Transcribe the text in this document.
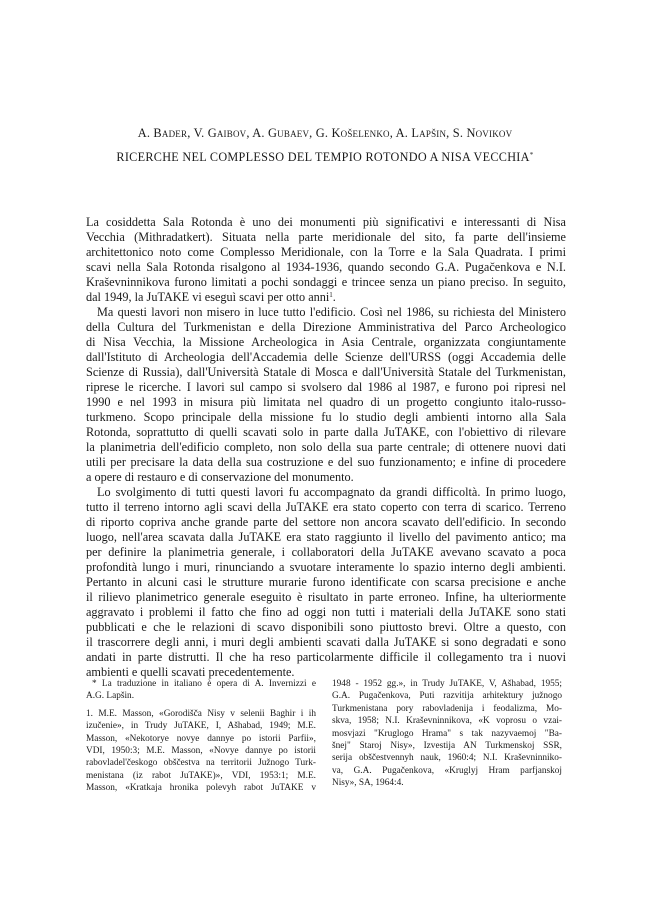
A. Bader, V. Gaibov, A. Gubaev, G. Košelenko, A. Lapšin, S. Novikov
RICERCHE NEL COMPLESSO DEL TEMPIO ROTONDO A NISA VECCHIA*
La cosiddetta Sala Rotonda è uno dei monumenti più significativi e interessanti di Nisa
Vecchia (Mithradatkert). Situata nella parte meridionale del sito, fa parte dell'insieme
architettonico noto come Complesso Meridionale, con la Torre e la Sala Quadrata. I primi
scavi nella Sala Rotonda risalgono al 1934-1936, quando secondo G.A. Pugačenkova e N.I.
Kraševninnikova furono limitati a pochi sondaggi e trincee senza un piano preciso. In seguito,
dal 1949, la JuTAKE vi eseguì scavi per otto anni$^1$.
Ma questi lavori non misero in luce tutto l'edificio. Così nel 1986, su richiesta del Ministero
della Cultura del Turkmenistan e della Direzione Amministrativa del Parco Archeologico
di Nisa Vecchia, la Missione Archeologica in Asia Centrale, organizzata congiuntamente
dall'Istituto di Archeologia dell'Accademia delle Scienze dell'URSS (oggi Accademia delle
Scienze di Russia), dall'Università Statale di Mosca e dall'Università Statale del Turkmenistan,
riprese le ricerche. I lavori sul campo si svolsero dal 1986 al 1987, e furono poi ripresi nel
1990 e nel 1993 in misura più limitata nel quadro di un progetto congiunto italo-russo-
turkmeno. Scopo principale della missione fu lo studio degli ambienti intorno alla Sala
Rotonda, soprattutto di quelli scavati solo in parte dalla JuTAKE, con l'obiettivo di rilevare
la planimetria dell'edificio completo, non solo della sua parte centrale; di ottenere nuovi dati
utili per precisare la data della sua costruzione e del suo funzionamento; e infine di procedere
a opere di restauro e di conservazione del monumento.
Lo svolgimento di tutti questi lavori fu accompagnato da grandi difficoltà. In primo luogo,
tutto il terreno intorno agli scavi della JuTAKE era stato coperto con terra di scarico. Terreno
di riporto copriva anche grande parte del settore non ancora scavato dell'edificio. In secondo
luogo, nell'area scavata dalla JuTAKE era stato raggiunto il livello del pavimento antico; ma
per definire la planimetria generale, i collaboratori della JuTAKE avevano scavato a poca
profondità lungo i muri, rinunciando a svuotare interamente lo spazio interno degli ambienti.
Pertanto in alcuni casi le strutture murarie furono identificate con scarsa precisione e anche
il rilievo planimetrico generale eseguito è risultato in parte erroneo. Infine, ha ulteriormente
aggravato i problemi il fatto che fino ad oggi non tutti i materiali della JuTAKE sono stati
pubblicati e che le relazioni di scavo disponibili sono piuttosto brevi. Oltre a questo, con
il trascorrere degli anni, i muri degli ambienti scavati dalla JuTAKE si sono degradati e sono
andati in parte distrutti. Il che ha reso particolarmente difficile il collegamento tra i nuovi
ambienti e quelli scavati precedentemente.
* La traduzione in italiano è opera di A. Invernizzi e
A.G. Lapšin.
1. M.E. Masson, «Gorodišča Nisy v selenii Baghir i ih
izučenie», in Trudy JuTAKE, I, Ašhabad, 1949; M.E.
Masson, «Nekotorye novye dannye po istorii Parfii»,
VDI, 1950:3; M.E. Masson, «Novye dannye po istorii
rabovladel'českogo obščestva na territorii Južnogo Turk-
menistana (iz rabot JuTAKE)», VDI, 1953:1; M.E.
Masson, «Kratkaja hronika polevyh rabot JuTAKE v
1948 - 1952 gg.», in Trudy JuTAKE, V, Ašhabad, 1955;
G.A. Pugačenkova, Puti razvitija arhitektury južnogo
Turkmenistana pory rabovladenija i feodalizma, Mo-
skva, 1958; N.I. Kraševninnikova, «K voprosu o vzai-
mosvjazi "Kruglogo Hrama" s tak nazyvaemoj "Ba-
šnej" Staroj Nisy», Izvestija AN Turkmenskoj SSR,
serija obščestvennyh nauk, 1960:4; N.I. Kraševninniko-
va, G.A. Pugačenkova, «Kruglyj Hram parfjanskoj
Nisy», SA, 1964:4.
